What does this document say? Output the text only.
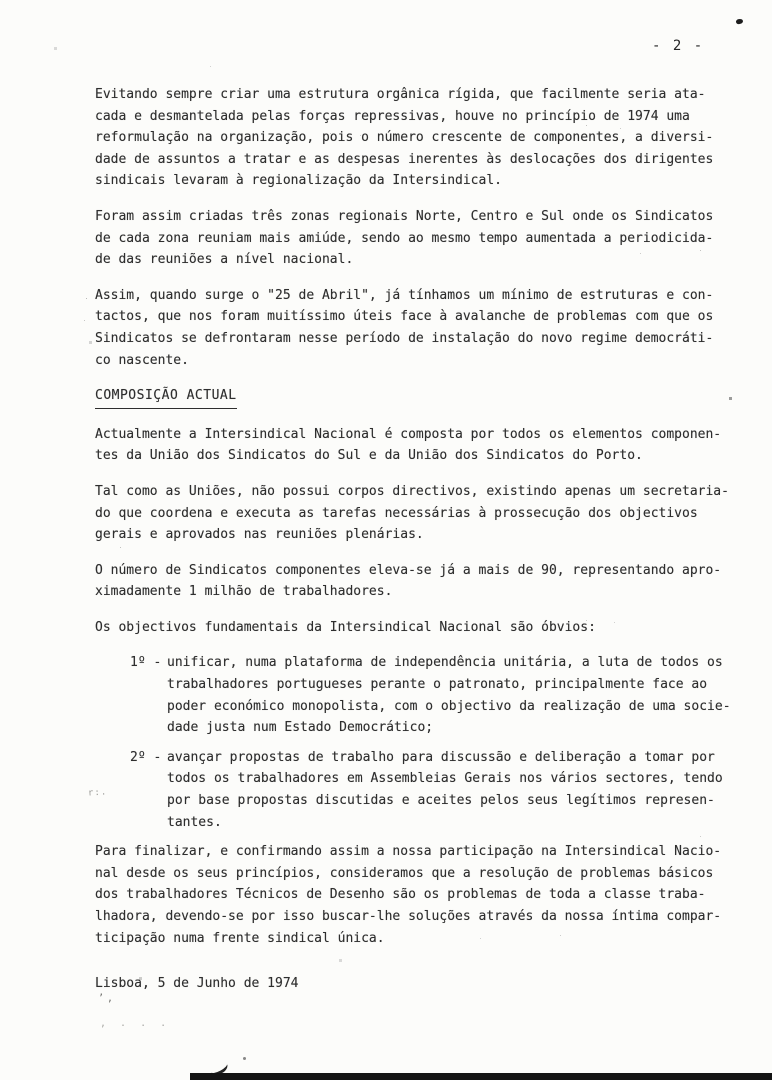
- 2 -
Evitando sempre criar uma estrutura orgânica rígida, que facilmente seria ata-
cada e desmantelada pelas forças repressivas, houve no princípio de 1974 uma
reformulação na organização, pois o número crescente de componentes, a diversi-
dade de assuntos a tratar e as despesas inerentes às deslocações dos dirigentes
sindicais levaram à regionalização da Intersindical.
Foram assim criadas três zonas regionais Norte, Centro e Sul onde os Sindicatos
de cada zona reuniam mais amiúde, sendo ao mesmo tempo aumentada a periodicida-
de das reuniões a nível nacional.
Assim, quando surge o "25 de Abril", já tínhamos um mínimo de estruturas e con-
tactos, que nos foram muitíssimo úteis face à avalanche de problemas com que os
Sindicatos se defrontaram nesse período de instalação do novo regime democráti-
co nascente.
COMPOSIÇÃO ACTUAL
Actualmente a Intersindical Nacional é composta por todos os elementos componen-
tes da União dos Sindicatos do Sul e da União dos Sindicatos do Porto.
Tal como as Uniões, não possui corpos directivos, existindo apenas um secretaria-
do que coordena e executa as tarefas necessárias à prossecução dos objectivos
gerais e aprovados nas reuniões plenárias.
O número de Sindicatos componentes eleva-se já a mais de 90, representando apro-
ximadamente 1 milhão de trabalhadores.
Os objectivos fundamentais da Intersindical Nacional são óbvios:
1º - unificar, numa plataforma de independência unitária, a luta de todos os
trabalhadores portugueses perante o patronato, principalmente face ao
poder económico monopolista, com o objectivo da realização de uma socie-
dade justa num Estado Democrático;
2º - avançar propostas de trabalho para discussão e deliberação a tomar por
todos os trabalhadores em Assembleias Gerais nos vários sectores, tendo
por base propostas discutidas e aceites pelos seus legítimos represen-
tantes.
Para finalizar, e confirmando assim a nossa participação na Intersindical Nacio-
nal desde os seus princípios, consideramos que a resolução de problemas básicos
dos trabalhadores Técnicos de Desenho são os problemas de toda a classe traba-
lhadora, devendo-se por isso buscar-lhe soluções através da nossa íntima compar-
ticipação numa frente sindical única.
Lisboa, 5 de Junho de 1974
’,
, . . .
r:.
